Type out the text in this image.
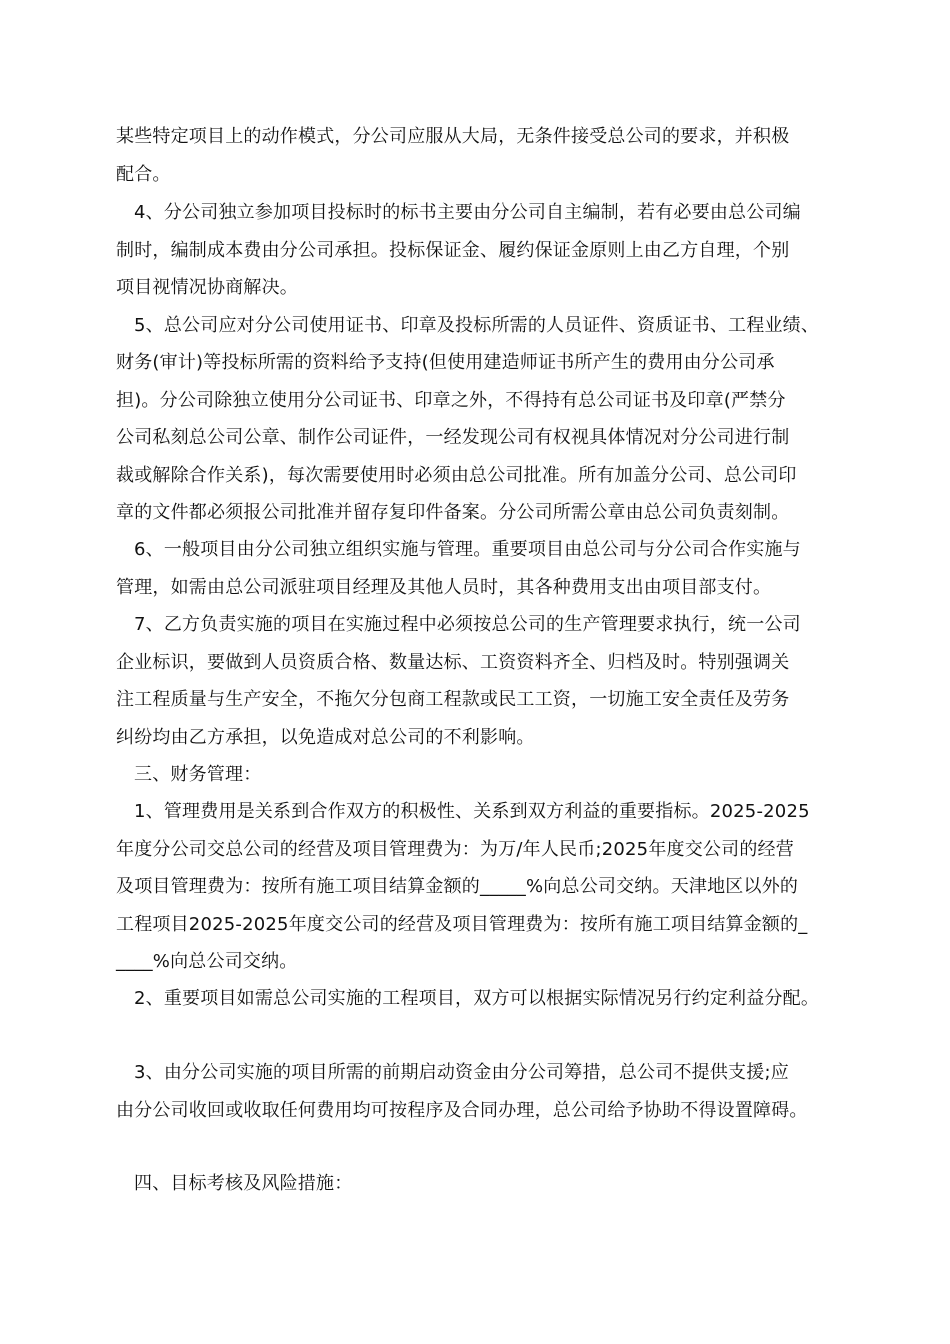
某些特定项目上的动作模式，分公司应服从大局，无条件接受总公司的要求，并积极
配合。
4、分公司独立参加项目投标时的标书主要由分公司自主编制，若有必要由总公司编
制时，编制成本费由分公司承担。投标保证金、履约保证金原则上由乙方自理，个别
项目视情况协商解决。
5、总公司应对分公司使用证书、印章及投标所需的人员证件、资质证书、工程业绩、
财务(审计)等投标所需的资料给予支持(但使用建造师证书所产生的费用由分公司承
担)。分公司除独立使用分公司证书、印章之外，不得持有总公司证书及印章(严禁分
公司私刻总公司公章、制作公司证件，一经发现公司有权视具体情况对分公司进行制
裁或解除合作关系)，每次需要使用时必须由总公司批准。所有加盖分公司、总公司印
章的文件都必须报公司批准并留存复印件备案。分公司所需公章由总公司负责刻制。
6、一般项目由分公司独立组织实施与管理。重要项目由总公司与分公司合作实施与
管理，如需由总公司派驻项目经理及其他人员时，其各种费用支出由项目部支付。
7、乙方负责实施的项目在实施过程中必须按总公司的生产管理要求执行，统一公司
企业标识，要做到人员资质合格、数量达标、工资资料齐全、归档及时。特别强调关
注工程质量与生产安全，不拖欠分包商工程款或民工工资，一切施工安全责任及劳务
纠纷均由乙方承担，以免造成对总公司的不利影响。
三、财务管理：
1、管理费用是关系到合作双方的积极性、关系到双方利益的重要指标。2025-2025
年度分公司交总公司的经营及项目管理费为：为万/年人民币;2025年度交公司的经营
及项目管理费为：按所有施工项目结算金额的_____%向总公司交纳。天津地区以外的
工程项目2025-2025年度交公司的经营及项目管理费为：按所有施工项目结算金额的_
____%向总公司交纳。
2、重要项目如需总公司实施的工程项目，双方可以根据实际情况另行约定利益分配。
3、由分公司实施的项目所需的前期启动资金由分公司筹措，总公司不提供支援;应
由分公司收回或收取任何费用均可按程序及合同办理，总公司给予协助不得设置障碍。
四、目标考核及风险措施：
